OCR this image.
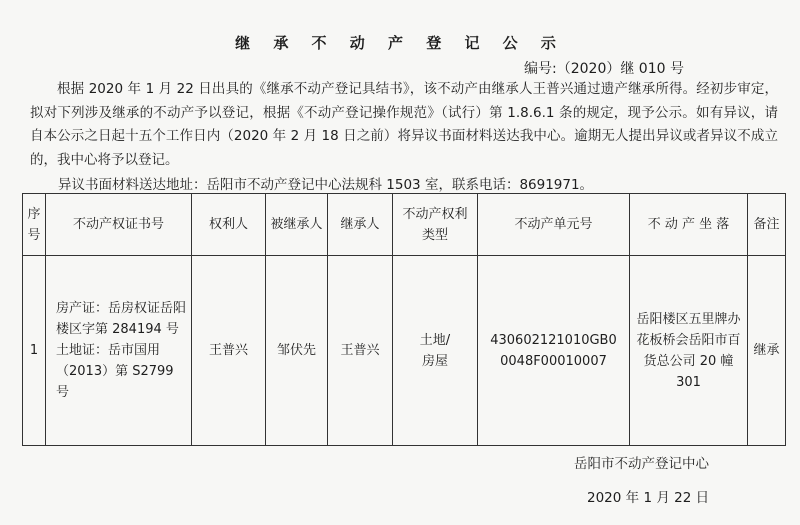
继 承 不 动 产 登 记 公 示
编号:（2020）继 010 号

根据 2020 年 1 月 22 日出具的《继承不动产登记具结书》，该不动产由继承人王普兴通过遗产继承所得。经初步审定， 拟对下列涉及继承的不动产予以登记，根据《不动产登记操作规范》（试行）第 1.8.6.1 条的规定，现予公示。如有异议，请自本公示之日起十五个工作日内（2020 年 2 月 18 日之前）将异议书面材料送达我中心。逾期无人提出异议或者异议不成立的，我中心将予以登记。

异议书面材料送达地址：岳阳市不动产登记中心法规科 1503 室，联系电话：8691971。
序号	不动产权证书号	权利人	被继承人	继承人	不动产权利类型	不动产单元号	不 动 产 坐 落	备注
1	房产证：岳房权证岳阳楼区字第 284194 号
土地证：岳市国用（2013）第 S2799 号	王普兴	邹伏先	王普兴	土地/
房屋	430602121010GB0
0048F00010007	岳阳楼区五里牌办花板桥会岳阳市百货总公司 20 幢 301	继承
岳阳市不动产登记中心
2020 年 1 月 22 日
